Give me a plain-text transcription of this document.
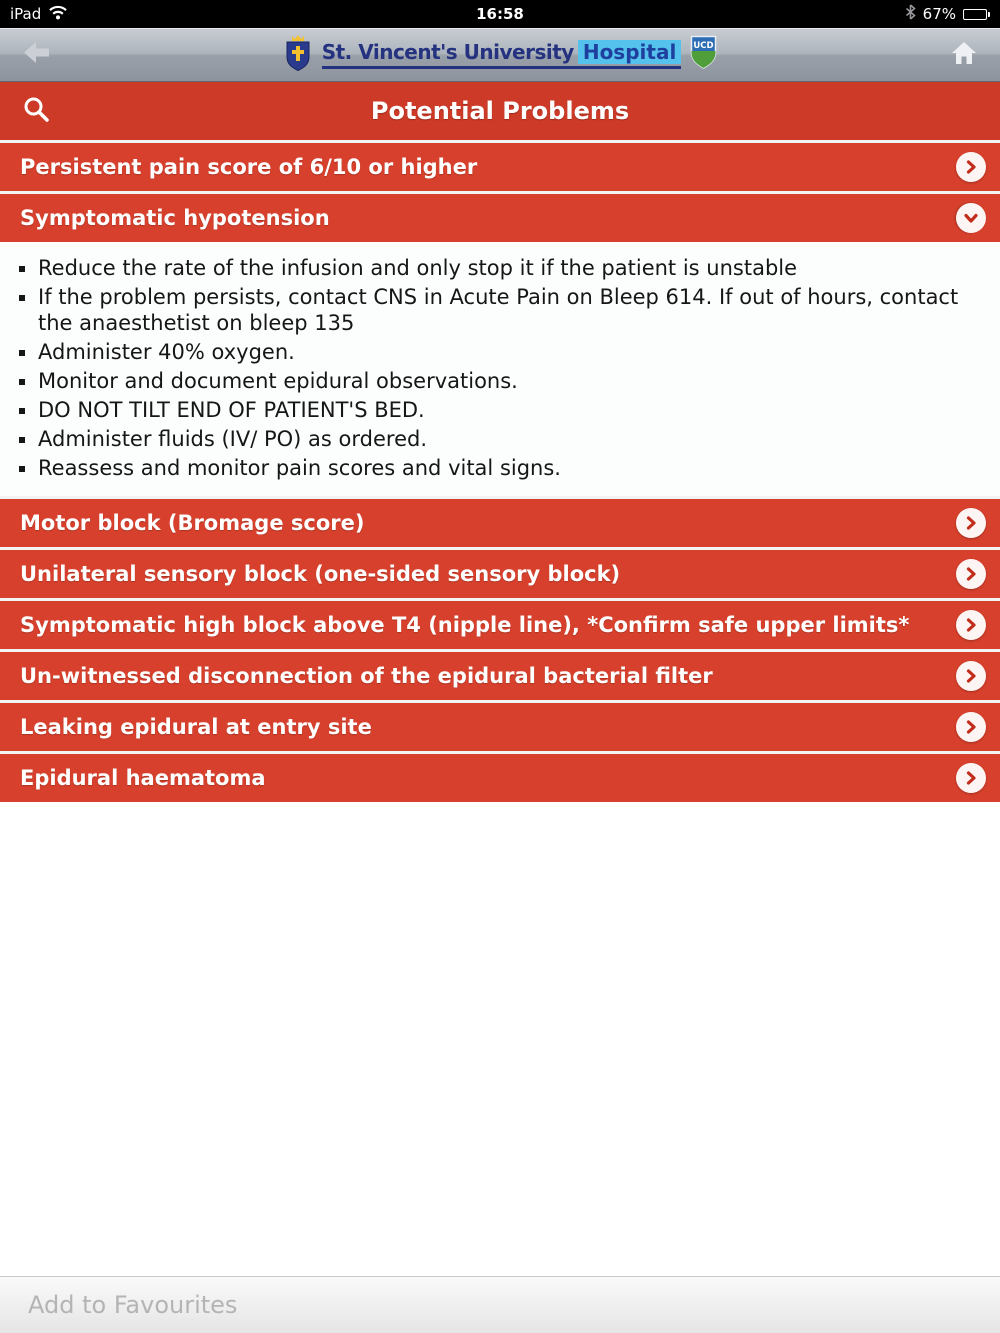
iPad	16:58	67%
St. Vincent's University Hospital	UCD
Potential Problems
Persistent pain score of 6/10 or higher
Symptomatic hypotension
▪ Reduce the rate of the infusion and only stop it if the patient is unstable
▪ If the problem persists, contact CNS in Acute Pain on Bleep 614. If out of hours, contact the anaesthetist on bleep 135
▪ Administer 40% oxygen.
▪ Monitor and document epidural observations.
▪ DO NOT TILT END OF PATIENT'S BED.
▪ Administer fluids (IV/ PO) as ordered.
▪ Reassess and monitor pain scores and vital signs.
Motor block (Bromage score)
Unilateral sensory block (one-sided sensory block)
Symptomatic high block above T4 (nipple line), *Confirm safe upper limits*
Un-witnessed disconnection of the epidural bacterial filter
Leaking epidural at entry site
Epidural haematoma
Add to Favourites
